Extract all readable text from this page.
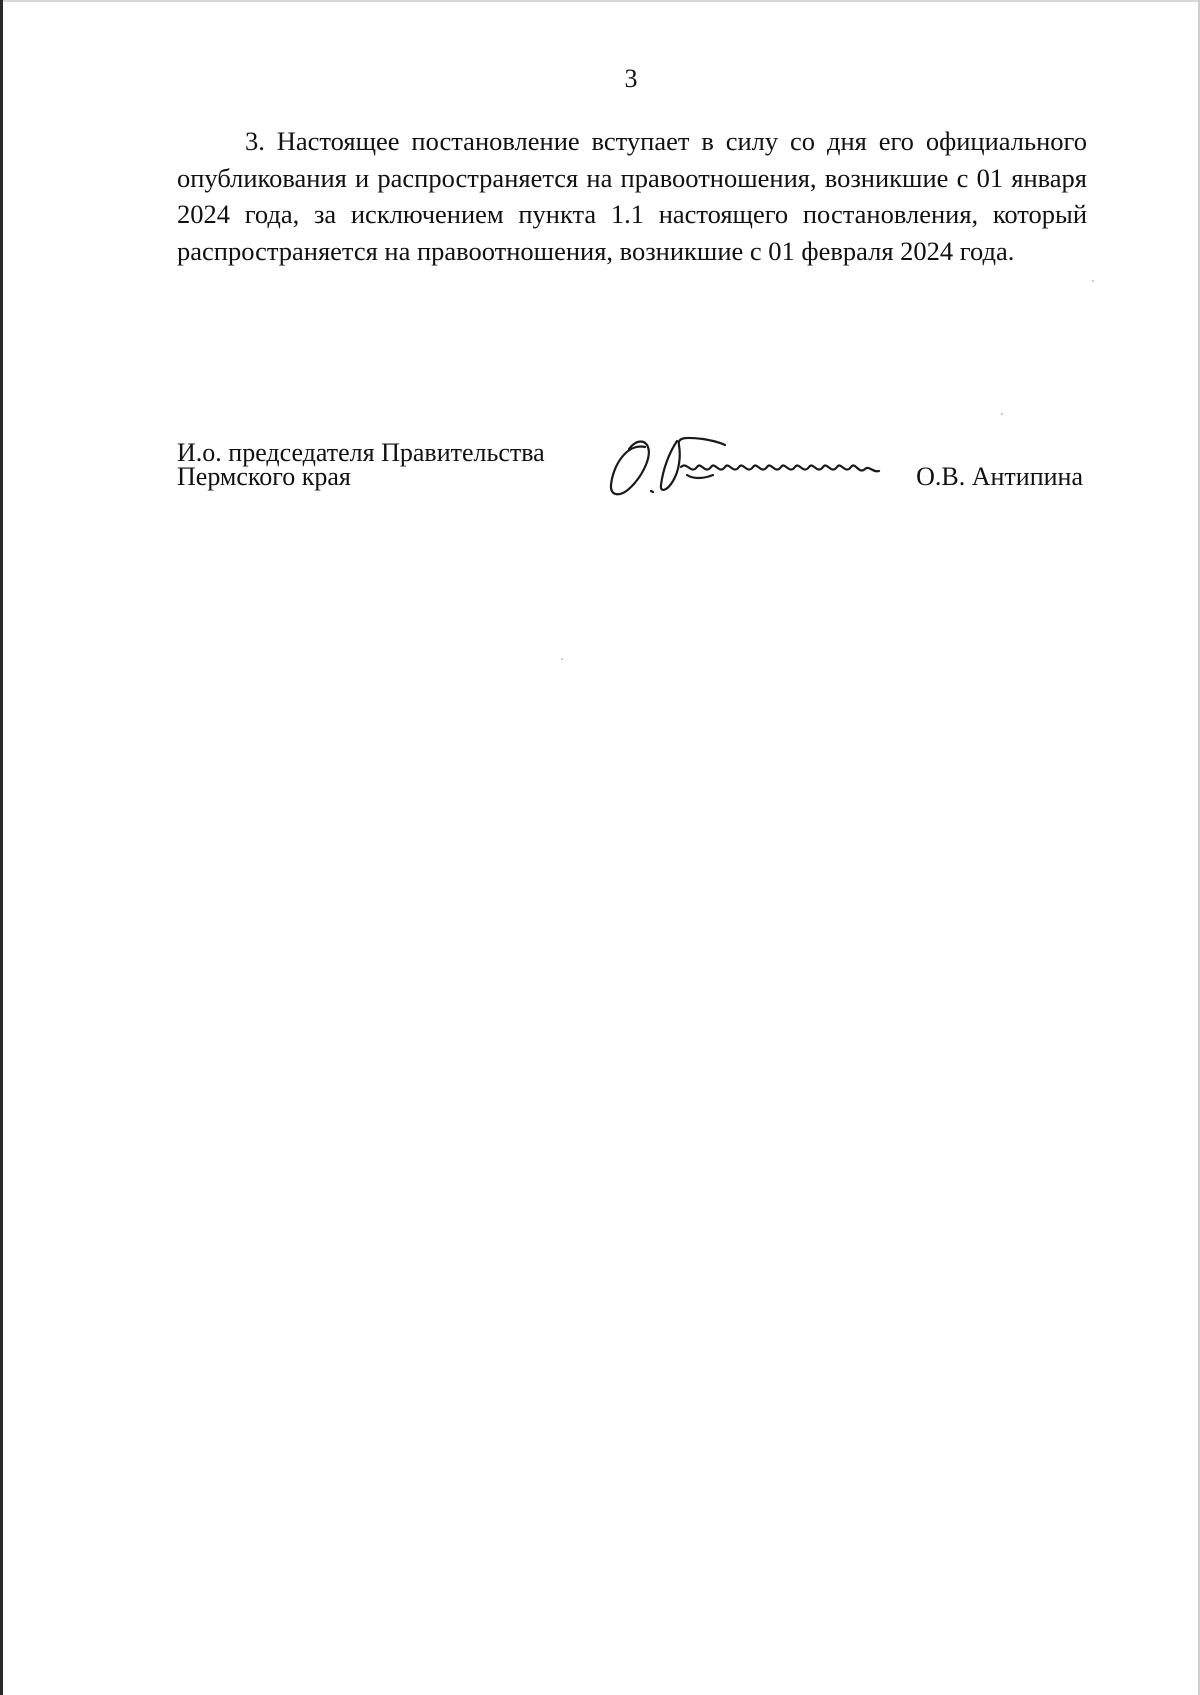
3

3. Настоящее постановление вступает в силу со дня его официального опубликования и распространяется на правоотношения, возникшие с 01 января 2024 года, за исключением пункта 1.1 настоящего постановления, который распространяется на правоотношения, возникшие с 01 февраля 2024 года.

И.о. председателя Правительства
Пермского края	О.В. Антипина
